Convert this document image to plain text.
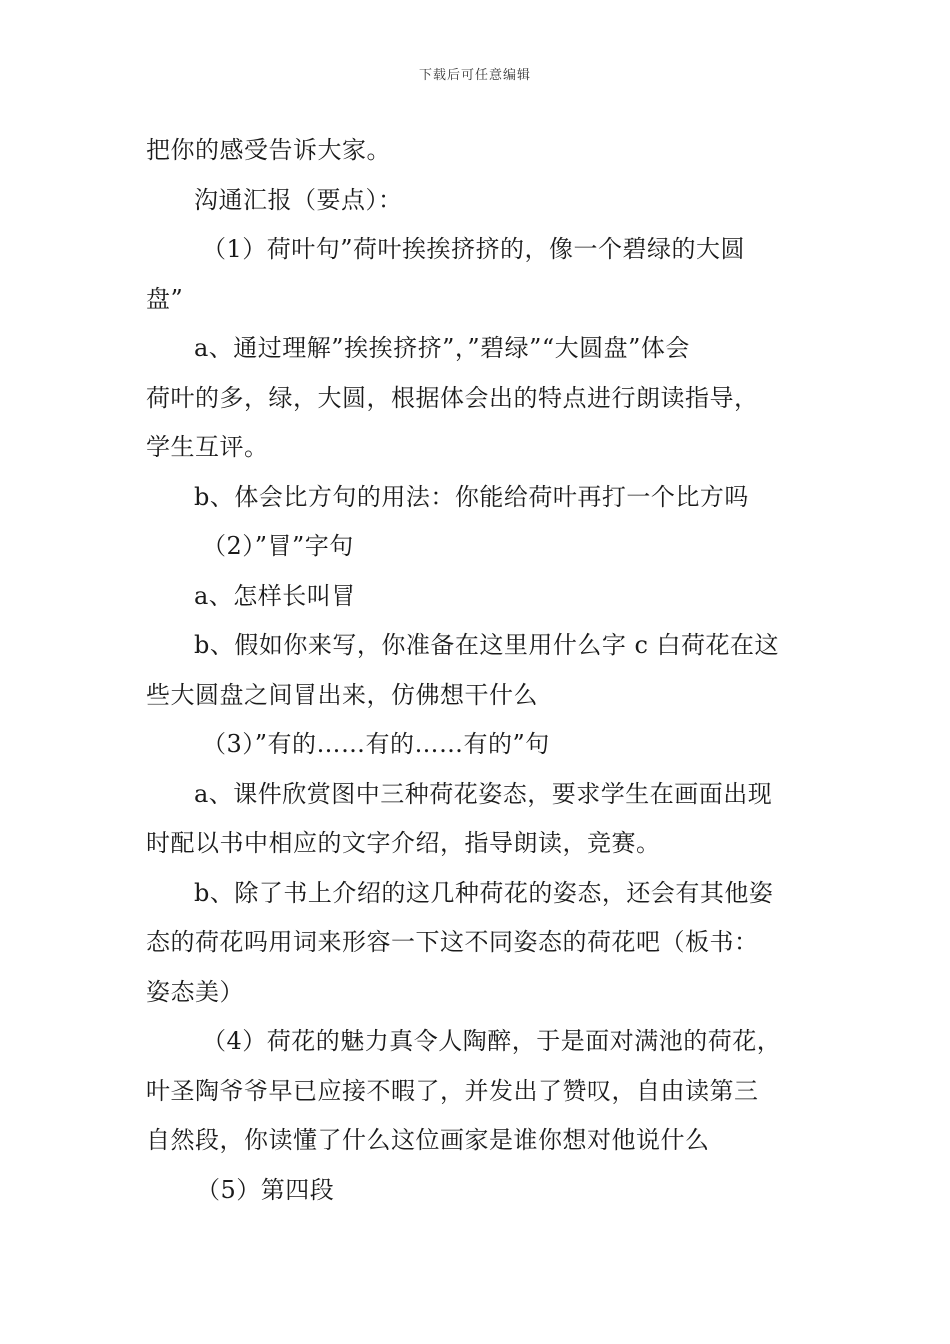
下载后可任意编辑
把你的感受告诉大家。
沟通汇报（要点）：
（1）荷叶句”荷叶挨挨挤挤的，像一个碧绿的大圆
盘”
a、通过理解”挨挨挤挤”，”碧绿”“大圆盘”体会
荷叶的多，绿，大圆，根据体会出的特点进行朗读指导，
学生互评。
b、体会比方句的用法：你能给荷叶再打一个比方吗
（2）”冒”字句
a、怎样长叫冒
b、假如你来写，你准备在这里用什么字 c 白荷花在这
些大圆盘之间冒出来，仿佛想干什么
（3）”有的……有的……有的”句
a、课件欣赏图中三种荷花姿态，要求学生在画面出现
时配以书中相应的文字介绍，指导朗读，竞赛。
b、除了书上介绍的这几种荷花的姿态，还会有其他姿
态的荷花吗用词来形容一下这不同姿态的荷花吧（板书：
姿态美）
（4）荷花的魅力真令人陶醉，于是面对满池的荷花，
叶圣陶爷爷早已应接不暇了，并发出了赞叹，自由读第三
自然段，你读懂了什么这位画家是谁你想对他说什么
（5）第四段
